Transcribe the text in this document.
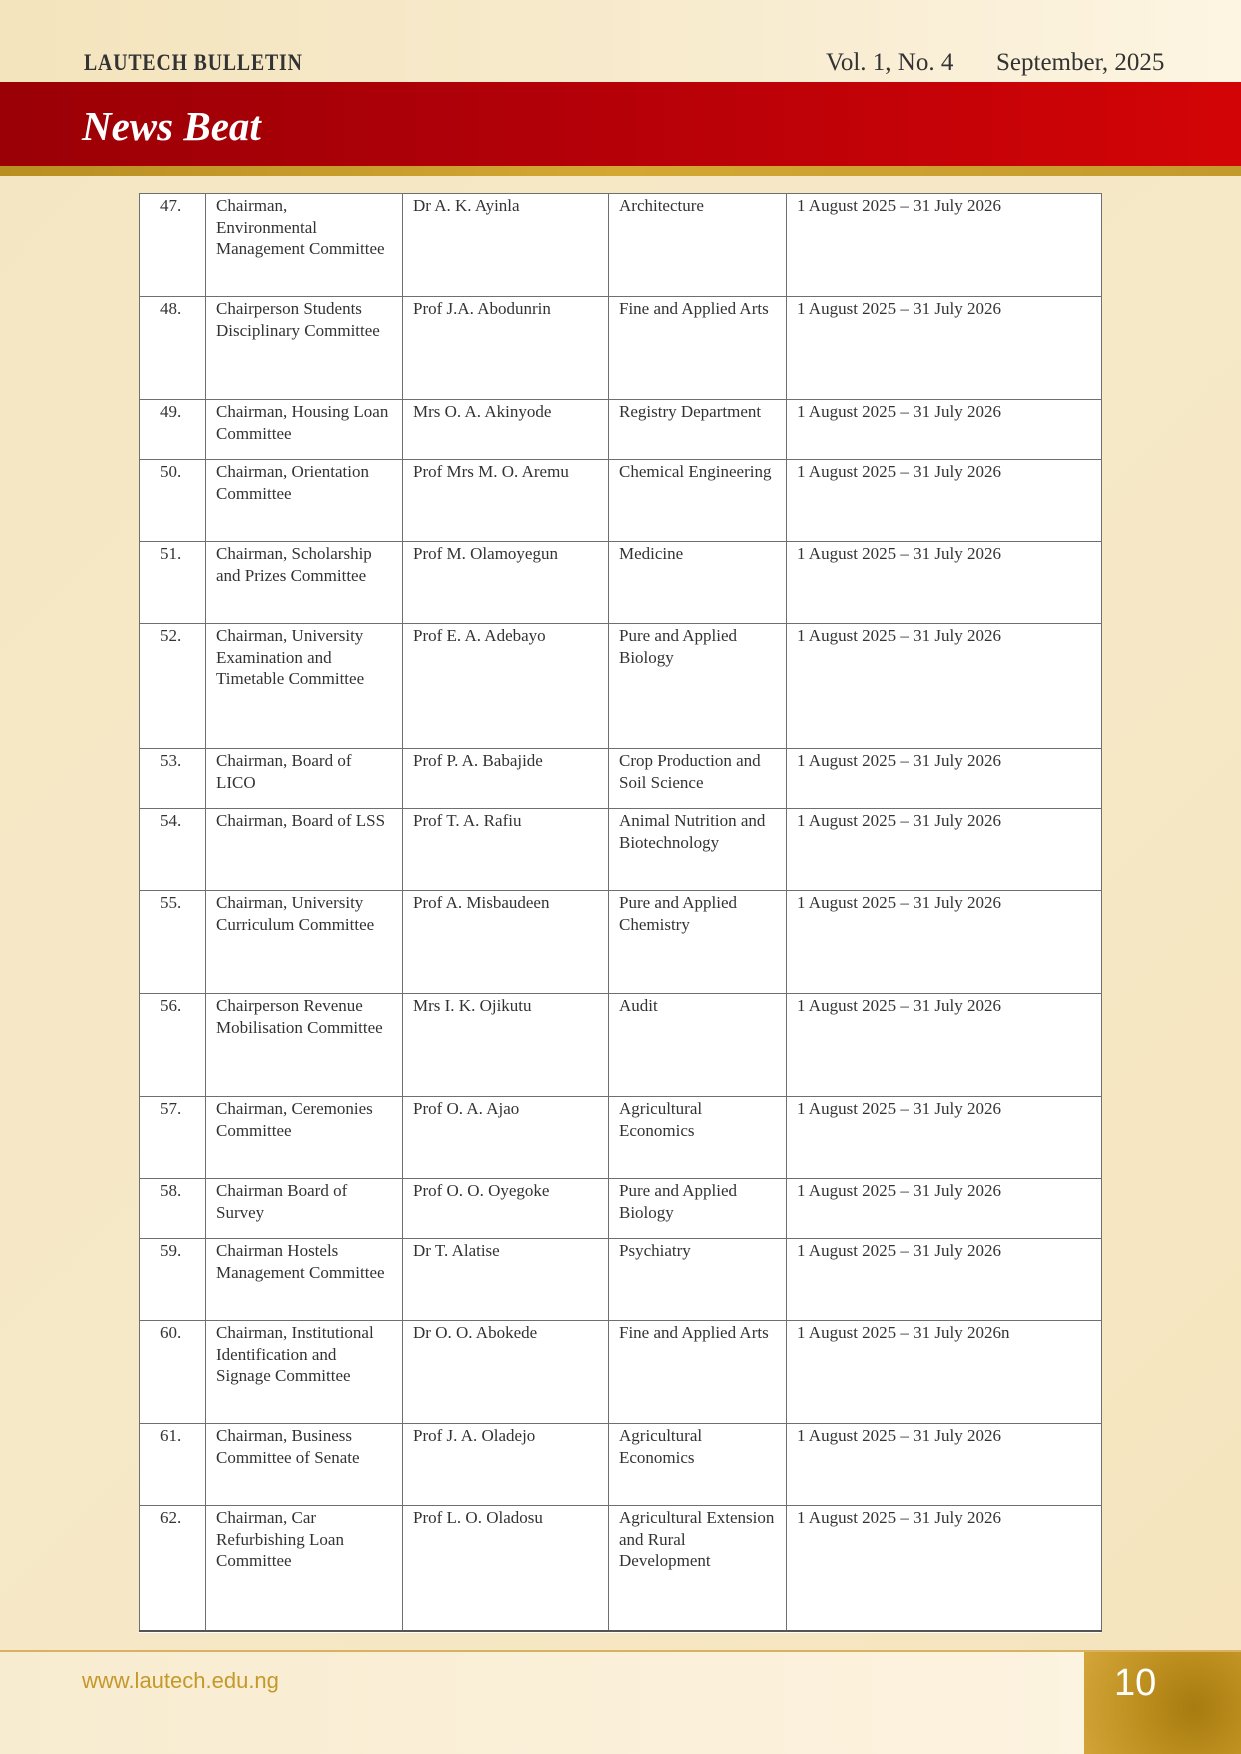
LAUTECH BULLETIN	Vol. 1, No. 4 September, 2025
News Beat
47.	Chairman, Environmental Management Committee	Dr A. K. Ayinla	Architecture	1 August 2025 – 31 July 2026
48.	Chairperson Students Disciplinary Committee	Prof J.A. Abodunrin	Fine and Applied Arts	1 August 2025 – 31 July 2026
49.	Chairman, Housing Loan Committee	Mrs O. A. Akinyode	Registry Department	1 August 2025 – 31 July 2026
50.	Chairman, Orientation Committee	Prof Mrs M. O. Aremu	Chemical Engineering	1 August 2025 – 31 July 2026
51.	Chairman, Scholarship and Prizes Committee	Prof M. Olamoyegun	Medicine	1 August 2025 – 31 July 2026
52.	Chairman, University Examination and Timetable Committee	Prof E. A. Adebayo	Pure and Applied Biology	1 August 2025 – 31 July 2026
53.	Chairman, Board of LICO	Prof P. A. Babajide	Crop Production and Soil Science	1 August 2025 – 31 July 2026
54.	Chairman, Board of LSS	Prof T. A. Rafiu	Animal Nutrition and Biotechnology	1 August 2025 – 31 July 2026
55.	Chairman, University Curriculum Committee	Prof A. Misbaudeen	Pure and Applied Chemistry	1 August 2025 – 31 July 2026
56.	Chairperson Revenue Mobilisation Committee	Mrs I. K. Ojikutu	Audit	1 August 2025 – 31 July 2026
57.	Chairman, Ceremonies Committee	Prof O. A. Ajao	Agricultural Economics	1 August 2025 – 31 July 2026
58.	Chairman Board of Survey	Prof O. O. Oyegoke	Pure and Applied Biology	1 August 2025 – 31 July 2026
59.	Chairman Hostels Management Committee	Dr T. Alatise	Psychiatry	1 August 2025 – 31 July 2026
60.	Chairman, Institutional Identification and Signage Committee	Dr O. O. Abokede	Fine and Applied Arts	1 August 2025 – 31 July 2026n
61.	Chairman, Business Committee of Senate	Prof J. A. Oladejo	Agricultural Economics	1 August 2025 – 31 July 2026
62.	Chairman, Car Refurbishing Loan Committee	Prof L. O. Oladosu	Agricultural Extension and Rural Development	1 August 2025 – 31 July 2026
www.lautech.edu.ng	10
